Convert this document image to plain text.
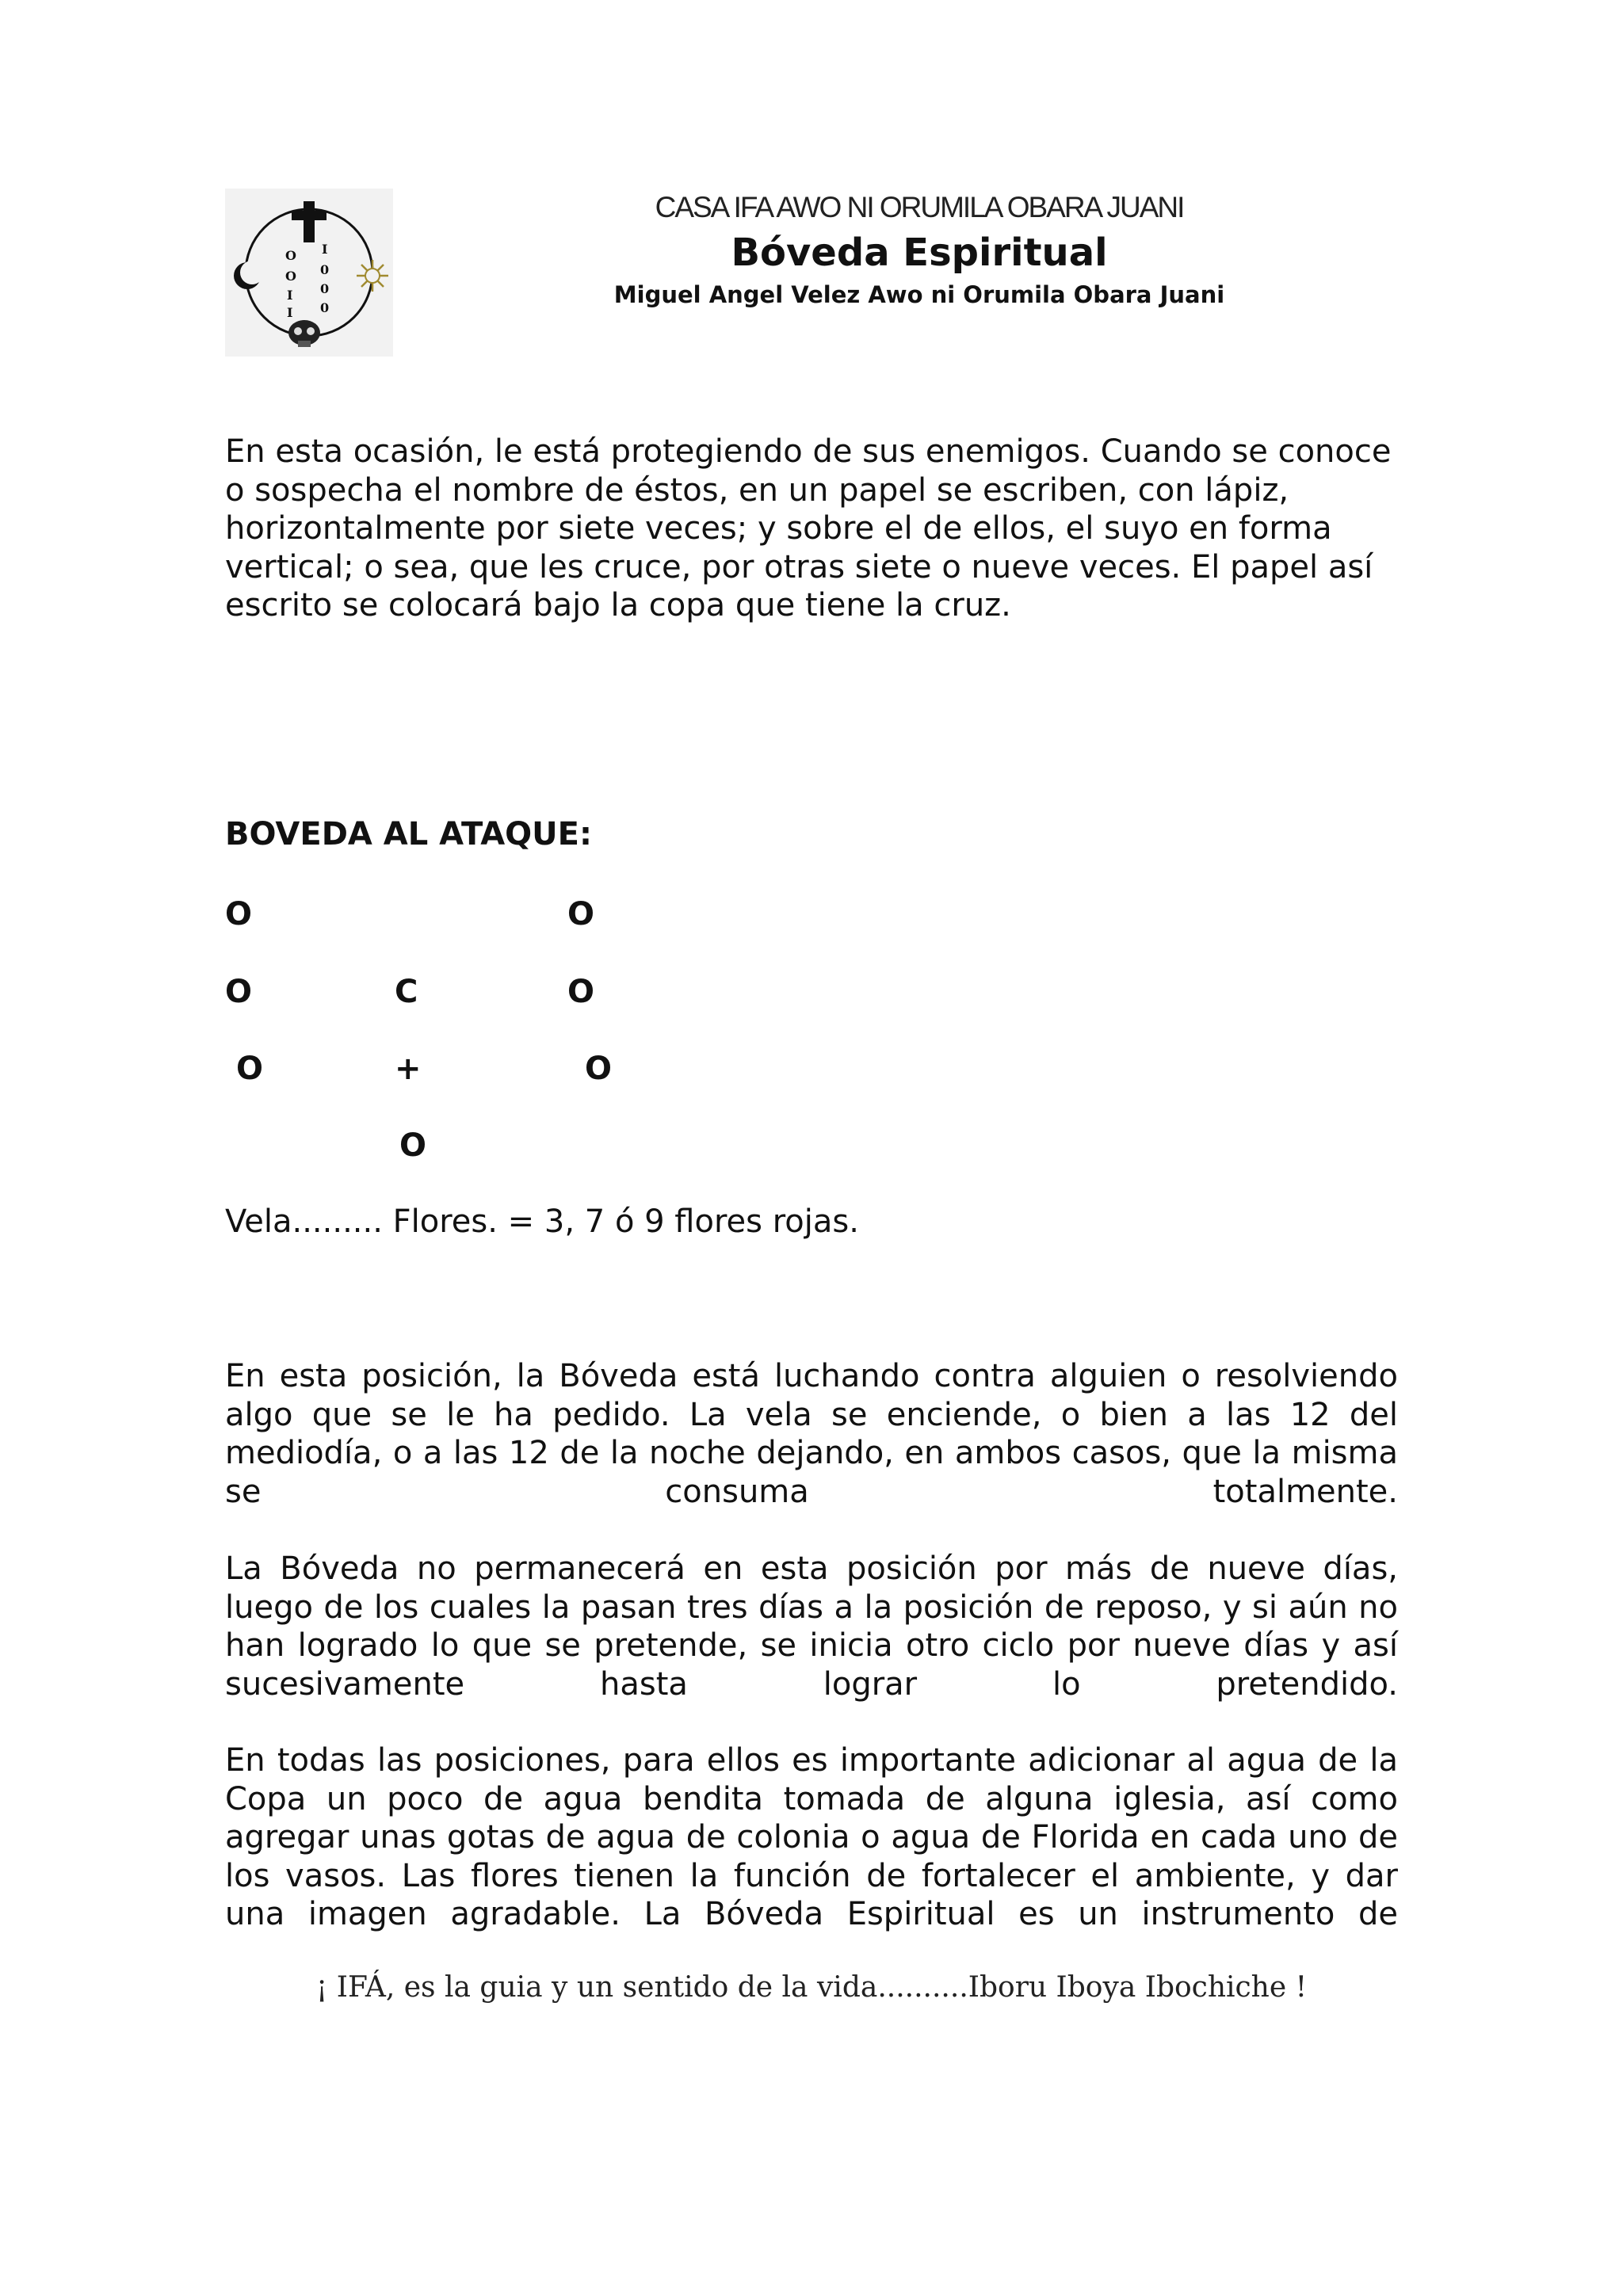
O
O
I
I
I
0
0
0
CASA IFA AWO NI ORUMILA OBARA JUANI
Bóveda Espiritual
Miguel Angel Velez Awo ni Orumila Obara Juani
En esta ocasión, le está protegiendo de sus enemigos. Cuando se conoce o sospecha el nombre de éstos, en un papel se escriben, con lápiz, horizontalmente por siete veces; y sobre el de ellos, el suyo en forma vertical; o sea, que les cruce, por otras siete o nueve veces. El papel así escrito se colocará bajo la copa que tiene la cruz.
BOVEDA AL ATAQUE:
O	O
O	C	O
O	+	O
O
Vela......... Flores. = 3, 7 ó 9 flores rojas.
En esta posición, la Bóveda está luchando contra alguien o resolviendo algo que se le ha pedido. La vela se enciende, o bien a las 12 del mediodía, o a las 12 de la noche dejando, en ambos casos, que la misma se consuma totalmente.
La Bóveda no permanecerá en esta posición por más de nueve días, luego de los cuales la pasan tres días a la posición de reposo, y si aún no han logrado lo que se pretende, se inicia otro ciclo por nueve días y así sucesivamente hasta lograr lo pretendido.
En todas las posiciones, para ellos es importante adicionar al agua de la Copa un poco de agua bendita tomada de alguna iglesia, así como agregar unas gotas de agua de colonia o agua de Florida en cada uno de los vasos. Las flores tienen la función de fortalecer el ambiente, y dar una imagen agradable. La Bóveda Espiritual es un instrumento de
¡ IFÁ, es la guia y un sentido de la vida..........Iboru Iboya Ibochiche !
